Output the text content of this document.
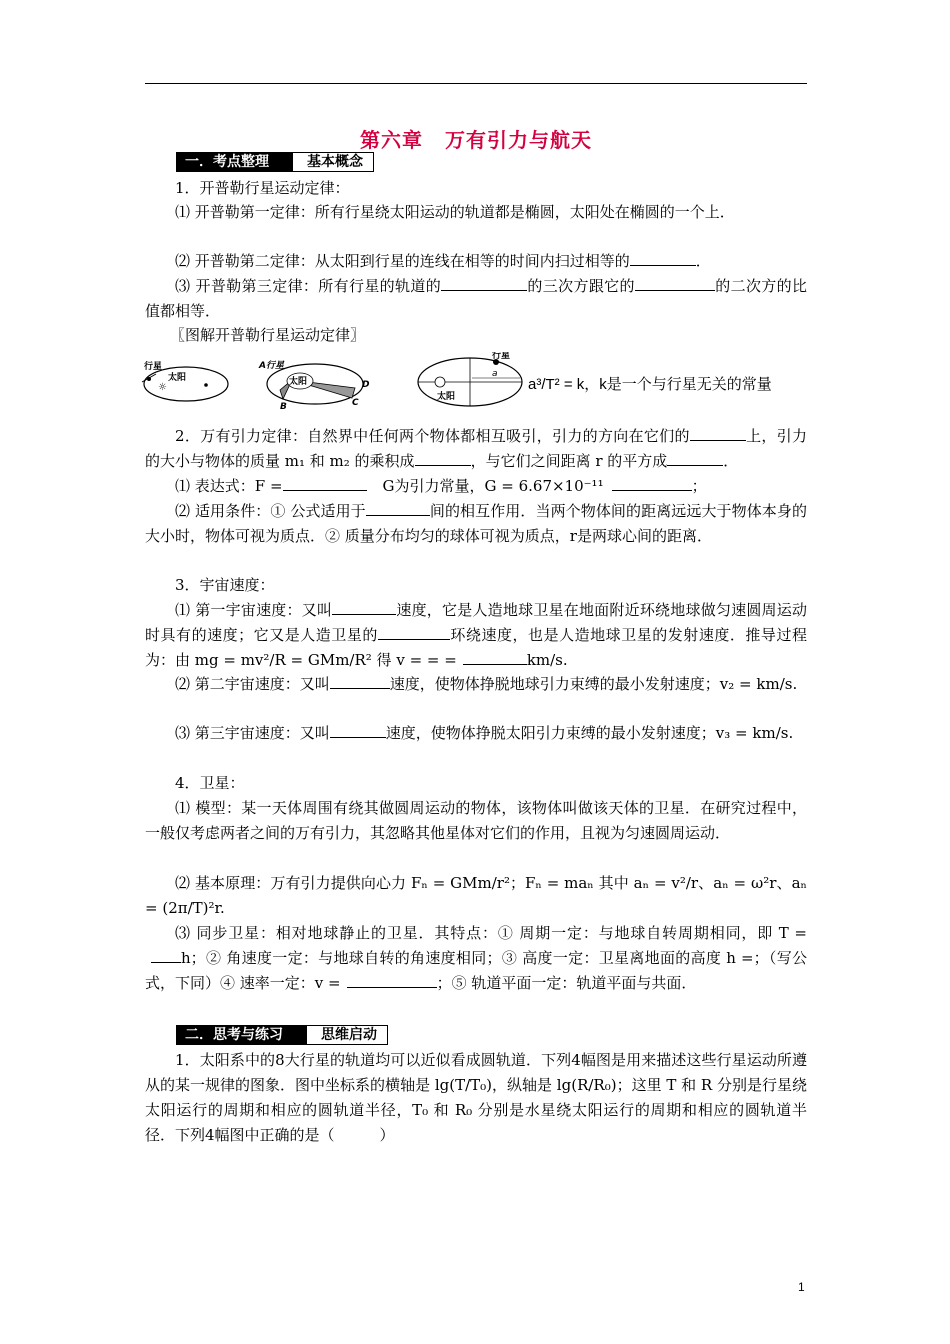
第六章 万有引力与航天
一．考点整理	基本概念
1．开普勒行星运动定律：
⑴ 开普勒第一定律：所有行星绕太阳运动的轨道都是椭圆，太阳处在椭圆的一个上．
⑵ 开普勒第二定律：从太阳到行星的连线在相等的时间内扫过相等的	．
⑶ 开普勒第三定律：所有行星的轨道的	的三次方跟它的	的二次方的比值都相等．
〖图解开普勒行星运动定律〗
行星
太阳
☼	太阳
A行星
B	C
D
太阳
行星
a
a³/T² = k，k是一个与行星无关的常量
2．万有引力定律：自然界中任何两个物体都相互吸引，引力的方向在它们的	上，引力的大小与物体的质量 m₁ 和 m₂ 的乘积成	，与它们之间距离 r 的平方成	．
⑴ 表达式：F =	G为引力常量，G = 6.67×10⁻¹¹	；
⑵ 适用条件：① 公式适用于	间的相互作用．当两个物体间的距离远远大于物体本身的大小时，物体可视为质点．② 质量分布均匀的球体可视为质点，r是两球心间的距离．
3．宇宙速度：
⑴ 第一宇宙速度：又叫	速度，它是人造地球卫星在地面附近环绕地球做匀速圆周运动时具有的速度；它又是人造卫星的	环绕速度，也是人造地球卫星的发射速度．推导过程为：由 mg = mv²/R = GMm/R² 得 v = = =	km/s.
⑵ 第二宇宙速度：又叫	速度，使物体挣脱地球引力束缚的最小发射速度；v₂ = km/s.
⑶ 第三宇宙速度：又叫	速度，使物体挣脱太阳引力束缚的最小发射速度；v₃ = km/s.
4．卫星：
⑴ 模型：某一天体周围有绕其做圆周运动的物体，该物体叫做该天体的卫星．在研究过程中，一般仅考虑两者之间的万有引力，其忽略其他星体对它们的作用，且视为匀速圆周运动．
⑵ 基本原理：万有引力提供向心力 Fₙ = GMm/r²；Fₙ = maₙ 其中 aₙ = v²/r、aₙ = ω²r、aₙ = (2π/T)²r.
⑶ 同步卫星：相对地球静止的卫星．其特点：① 周期一定：与地球自转周期相同，即 T =h；② 角速度一定：与地球自转的角速度相同；③ 高度一定：卫星离地面的高度 h =；（写公式，下同）④ 速率一定：v =	；⑤ 轨道平面一定：轨道平面与共面．
二．思考与练习	思维启动
1．太阳系中的8大行星的轨道均可以近似看成圆轨道．下列4幅图是用来描述这些行星运动所遵从的某一规律的图象．图中坐标系的横轴是 lg(T/T₀)，纵轴是 lg(R/R₀)；这里 T 和 R 分别是行星绕太阳运行的周期和相应的圆轨道半径，T₀ 和 R₀ 分别是水星绕太阳运行的周期和相应的圆轨道半径．下列4幅图中正确的是（　　　）
1
